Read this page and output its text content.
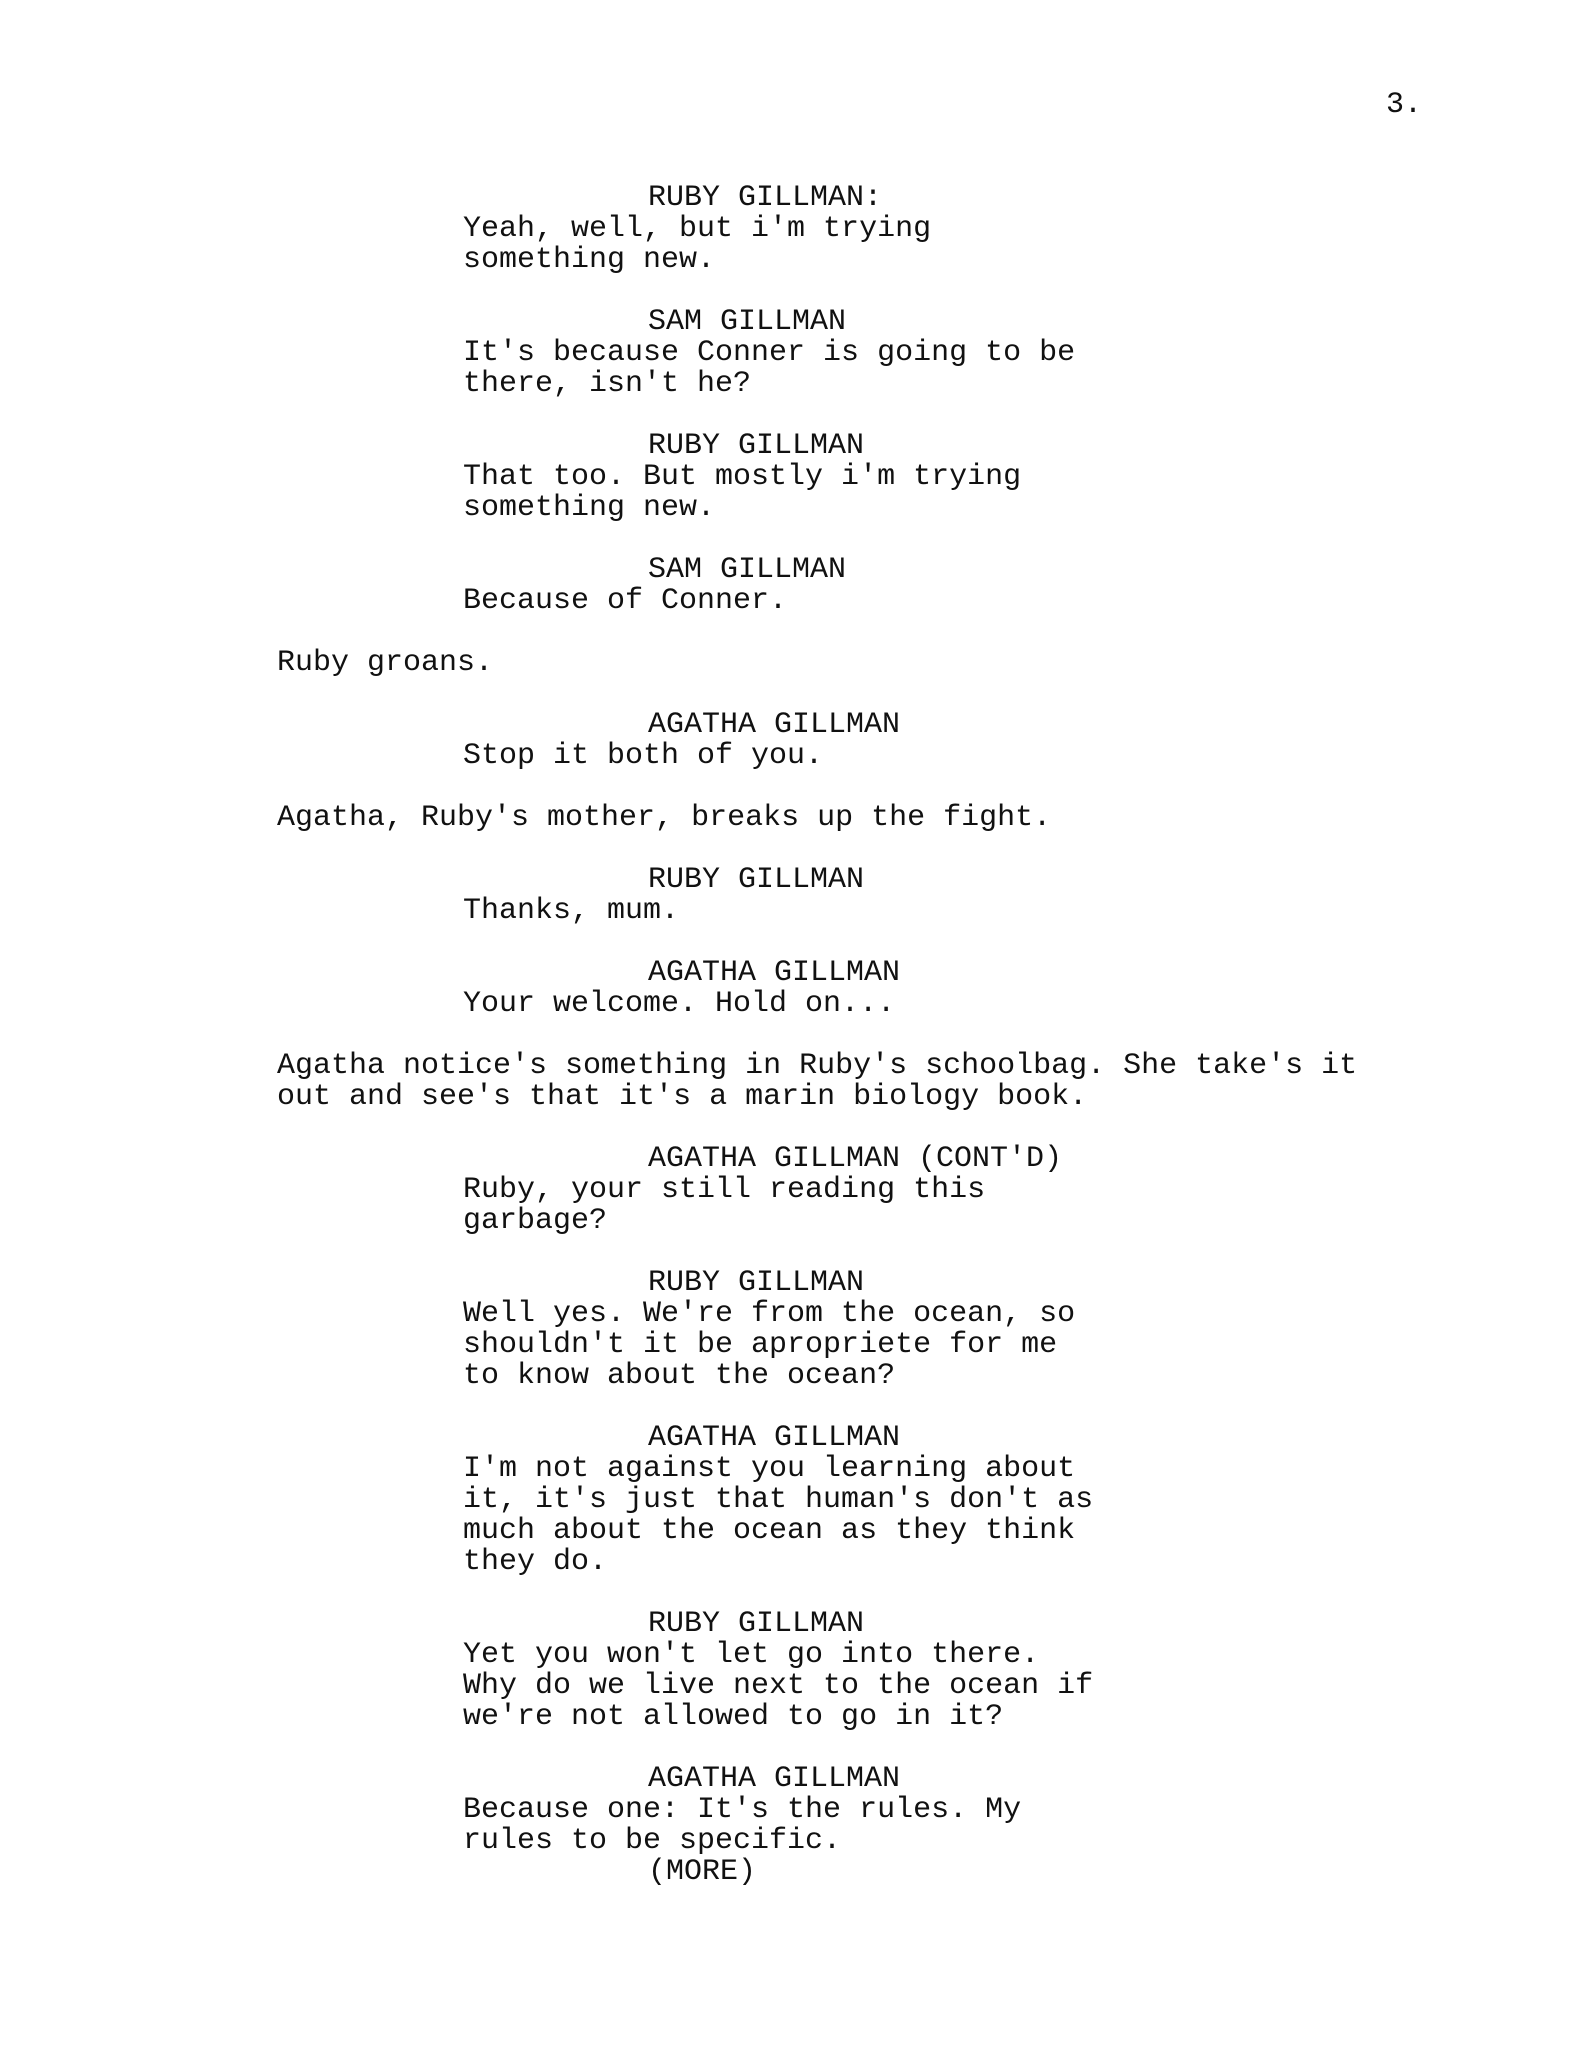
3.
RUBY GILLMAN:
Yeah, well, but i'm trying
something new.
SAM GILLMAN
It's because Conner is going to be
there, isn't he?
RUBY GILLMAN
That too. But mostly i'm trying
something new.
SAM GILLMAN
Because of Conner.
Ruby groans.
AGATHA GILLMAN
Stop it both of you.
Agatha, Ruby's mother, breaks up the fight.
RUBY GILLMAN
Thanks, mum.
AGATHA GILLMAN
Your welcome. Hold on...
Agatha notice's something in Ruby's schoolbag. She take's it
out and see's that it's a marin biology book.
AGATHA GILLMAN (CONT'D)
Ruby, your still reading this
garbage?
RUBY GILLMAN
Well yes. We're from the ocean, so
shouldn't it be apropriete for me
to know about the ocean?
AGATHA GILLMAN
I'm not against you learning about
it, it's just that human's don't as
much about the ocean as they think
they do.
RUBY GILLMAN
Yet you won't let go into there.
Why do we live next to the ocean if
we're not allowed to go in it?
AGATHA GILLMAN
Because one: It's the rules. My
rules to be specific.
(MORE)
